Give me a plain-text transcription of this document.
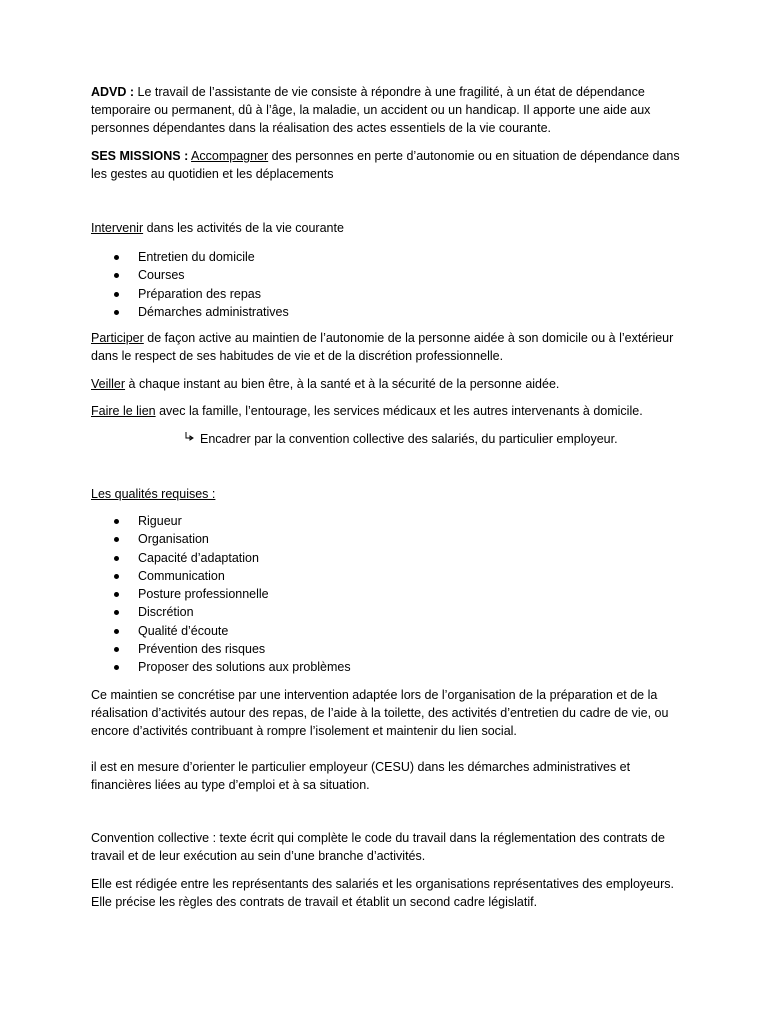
ADVD : Le travail de l’assistante de vie consiste à répondre à une fragilité, à un état de dépendance temporaire ou permanent, dû à l’âge, la maladie, un accident ou un handicap. Il apporte une aide aux personnes dépendantes dans la réalisation des actes essentiels de la vie courante.

SES MISSIONS : Accompagner des personnes en perte d’autonomie ou en situation de dépendance dans les gestes au quotidien et les déplacements

Intervenir dans les activités de la vie courante

Entretien du domicile
Courses
Préparation des repas
Démarches administratives

Participer de façon active au maintien de l’autonomie de la personne aidée à son domicile ou à l’extérieur dans le respect de ses habitudes de vie et de la discrétion professionnelle.

Veiller à chaque instant au bien être, à la santé et à la sécurité de la personne aidée.

Faire le lien avec la famille, l’entourage, les services médicaux et les autres intervenants à domicile.

Encadrer par la convention collective des salariés, du particulier employeur.

Les qualités requises :

Rigueur
Organisation
Capacité d’adaptation
Communication
Posture professionnelle
Discrétion
Qualité d’écoute
Prévention des risques
Proposer des solutions aux problèmes

Ce maintien se concrétise par une intervention adaptée lors de l’organisation de la préparation et de la réalisation d’activités autour des repas, de l’aide à la toilette, des activités d’entretien du cadre de vie, ou encore d’activités contribuant à rompre l’isolement et maintenir du lien social.

il est en mesure d’orienter le particulier employeur (CESU) dans les démarches administratives et financières liées au type d’emploi et à sa situation.

Convention collective : texte écrit qui complète le code du travail dans la réglementation des contrats de travail et de leur exécution au sein d’une branche d’activités.

Elle est rédigée entre les représentants des salariés et les organisations représentatives des employeurs. Elle précise les règles des contrats de travail et établit un second cadre législatif.
